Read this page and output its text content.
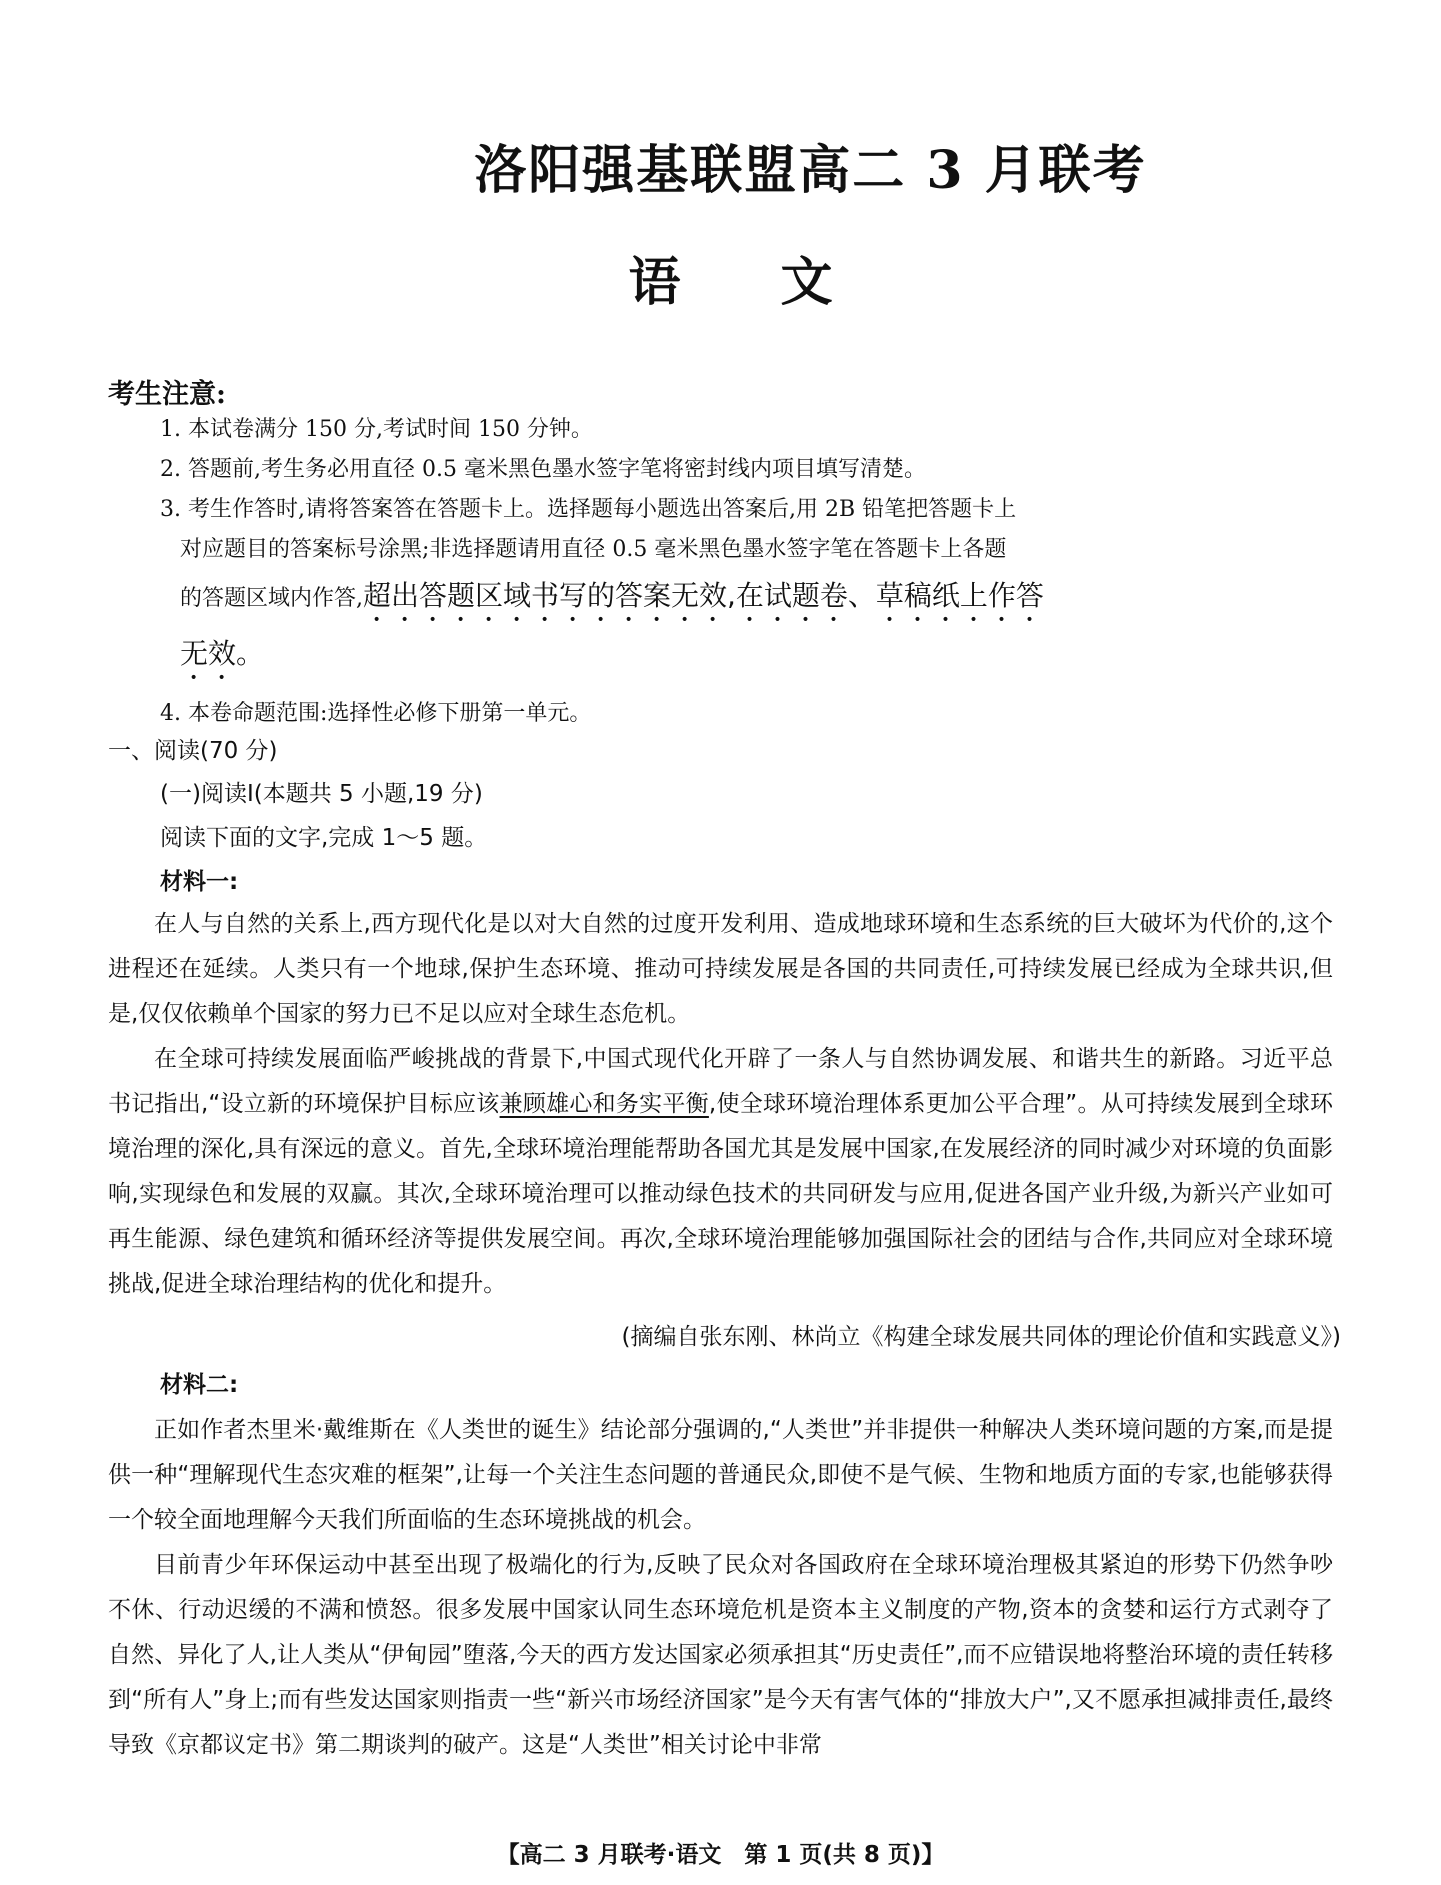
洛阳强基联盟高二 3 月联考
语文
考生注意:
1. 本试卷满分 150 分,考试时间 150 分钟。
2. 答题前,考生务必用直径 0.5 毫米黑色墨水签字笔将密封线内项目填写清楚。
3. 考生作答时,请将答案答在答题卡上。选择题每小题选出答案后,用 2B 铅笔把答题卡上
对应题目的答案标号涂黑;非选择题请用直径 0.5 毫米黑色墨水签字笔在答题卡上各题
的答题区域内作答,超出答题区域书写的答案无效,在试题卷、草稿纸上作答
无效。
4. 本卷命题范围:选择性必修下册第一单元。
一、阅读(70 分)
(一)阅读Ⅰ(本题共 5 小题,19 分)
阅读下面的文字,完成 1～5 题。
材料一:

在人与自然的关系上,西方现代化是以对大自然的过度开发利用、造成地球环境和生态系统的巨大破坏为代价的,这个进程还在延续。人类只有一个地球,保护生态环境、推动可持续发展是各国的共同责任,可持续发展已经成为全球共识,但是,仅仅依赖单个国家的努力已不足以应对全球生态危机。

在全球可持续发展面临严峻挑战的背景下,中国式现代化开辟了一条人与自然协调发展、和谐共生的新路。习近平总书记指出,“设立新的环境保护目标应该兼顾雄心和务实平衡,使全球环境治理体系更加公平合理”。从可持续发展到全球环境治理的深化,具有深远的意义。首先,全球环境治理能帮助各国尤其是发展中国家,在发展经济的同时减少对环境的负面影响,实现绿色和发展的双赢。其次,全球环境治理可以推动绿色技术的共同研发与应用,促进各国产业升级,为新兴产业如可再生能源、绿色建筑和循环经济等提供发展空间。再次,全球环境治理能够加强国际社会的团结与合作,共同应对全球环境挑战,促进全球治理结构的优化和提升。

(摘编自张东刚、林尚立《构建全球发展共同体的理论价值和实践意义》)
材料二:

正如作者杰里米·戴维斯在《人类世的诞生》结论部分强调的,“人类世”并非提供一种解决人类环境问题的方案,而是提供一种“理解现代生态灾难的框架”,让每一个关注生态问题的普通民众,即使不是气候、生物和地质方面的专家,也能够获得一个较全面地理解今天我们所面临的生态环境挑战的机会。

目前青少年环保运动中甚至出现了极端化的行为,反映了民众对各国政府在全球环境治理极其紧迫的形势下仍然争吵不休、行动迟缓的不满和愤怒。很多发展中国家认同生态环境危机是资本主义制度的产物,资本的贪婪和运行方式剥夺了自然、异化了人,让人类从“伊甸园”堕落,今天的西方发达国家必须承担其“历史责任”,而不应错误地将整治环境的责任转移到“所有人”身上;而有些发达国家则指责一些“新兴市场经济国家”是今天有害气体的“排放大户”,又不愿承担减排责任,最终导致《京都议定书》第二期谈判的破产。这是“人类世”相关讨论中非常

【高二 3 月联考·语文　第 1 页(共 8 页)】
